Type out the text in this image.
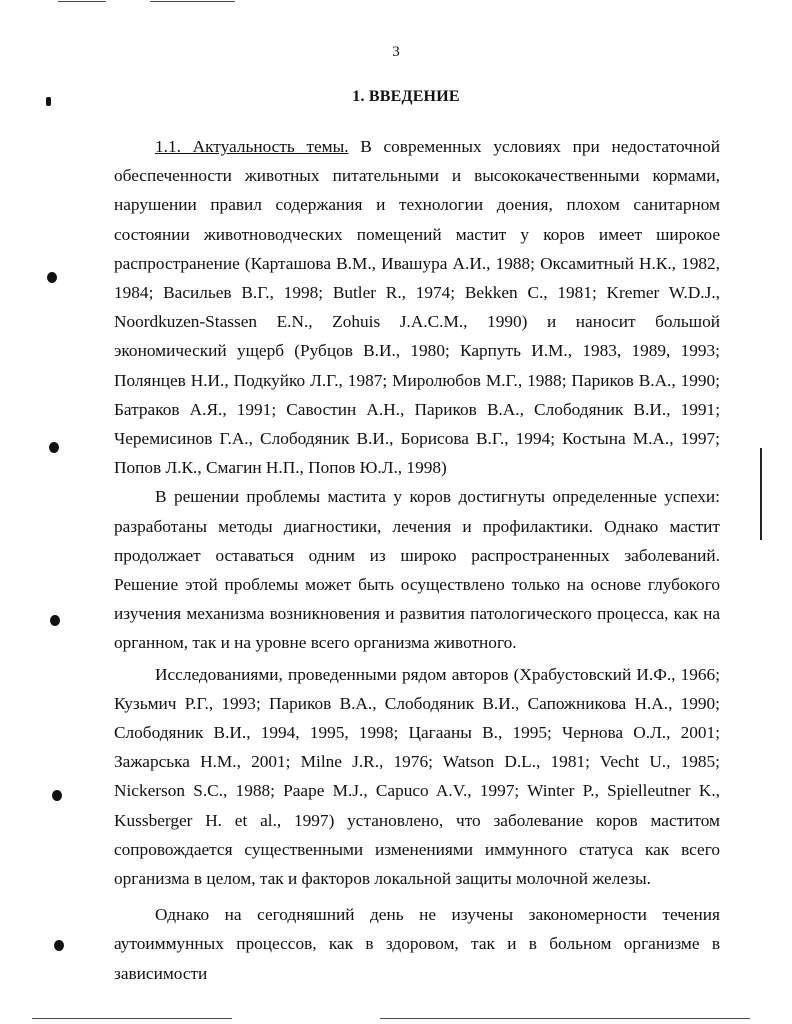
3
1. ВВЕДЕНИЕ

1.1. Актуальность темы. В современных условиях при недостаточной обеспеченности животных питательными и высококачественными кормами, нарушении правил содержания и технологии доения, плохом санитарном состоянии животноводческих помещений мастит у коров имеет широкое распространение (Карташова В.М., Ивашура А.И., 1988; Оксамитный Н.К., 1982, 1984; Васильев В.Г., 1998; Butler R., 1974; Bekken C., 1981; Kremer W.D.J., Noordkuzen-Stassen E.N., Zohuis J.A.C.M., 1990) и наносит большой экономический ущерб (Рубцов В.И., 1980; Карпуть И.М., 1983, 1989, 1993; Полянцев Н.И., Подкуйко Л.Г., 1987; Миролюбов М.Г., 1988; Париков В.А., 1990; Батраков А.Я., 1991; Савостин А.Н., Париков В.А., Слободяник В.И., 1991; Черемисинов Г.А., Слободяник В.И., Борисова В.Г., 1994; Костына М.А., 1997; Попов Л.К., Смагин Н.П., Попов Ю.Л., 1998)

В решении проблемы мастита у коров достигнуты определенные успехи: разработаны методы диагностики, лечения и профилактики. Однако мастит продолжает оставаться одним из широко распространенных заболеваний. Решение этой проблемы может быть осуществлено только на основе глубокого изучения механизма возникновения и развития патологического процесса, как на органном, так и на уровне всего организма животного.

Исследованиями, проведенными рядом авторов (Храбустовский И.Ф., 1966; Кузьмич Р.Г., 1993; Париков В.А., Слободяник В.И., Сапожникова Н.А., 1990; Слободяник В.И., 1994, 1995, 1998; Цагааны В., 1995; Чернова О.Л., 2001; Зажарська Н.М., 2001; Milne J.R., 1976; Watson D.L., 1981; Vecht U., 1985; Nickerson S.C., 1988; Paape M.J., Capuco A.V., 1997; Winter P., Spielleutner K., Kussberger H. et al., 1997) установлено, что заболевание коров маститом сопровождается существенными изменениями иммунного статуса как всего организма в целом, так и факторов локальной защиты молочной железы.

Однако на сегодняшний день не изучены закономерности течения аутоиммунных процессов, как в здоровом, так и в больном организме в зависимости
